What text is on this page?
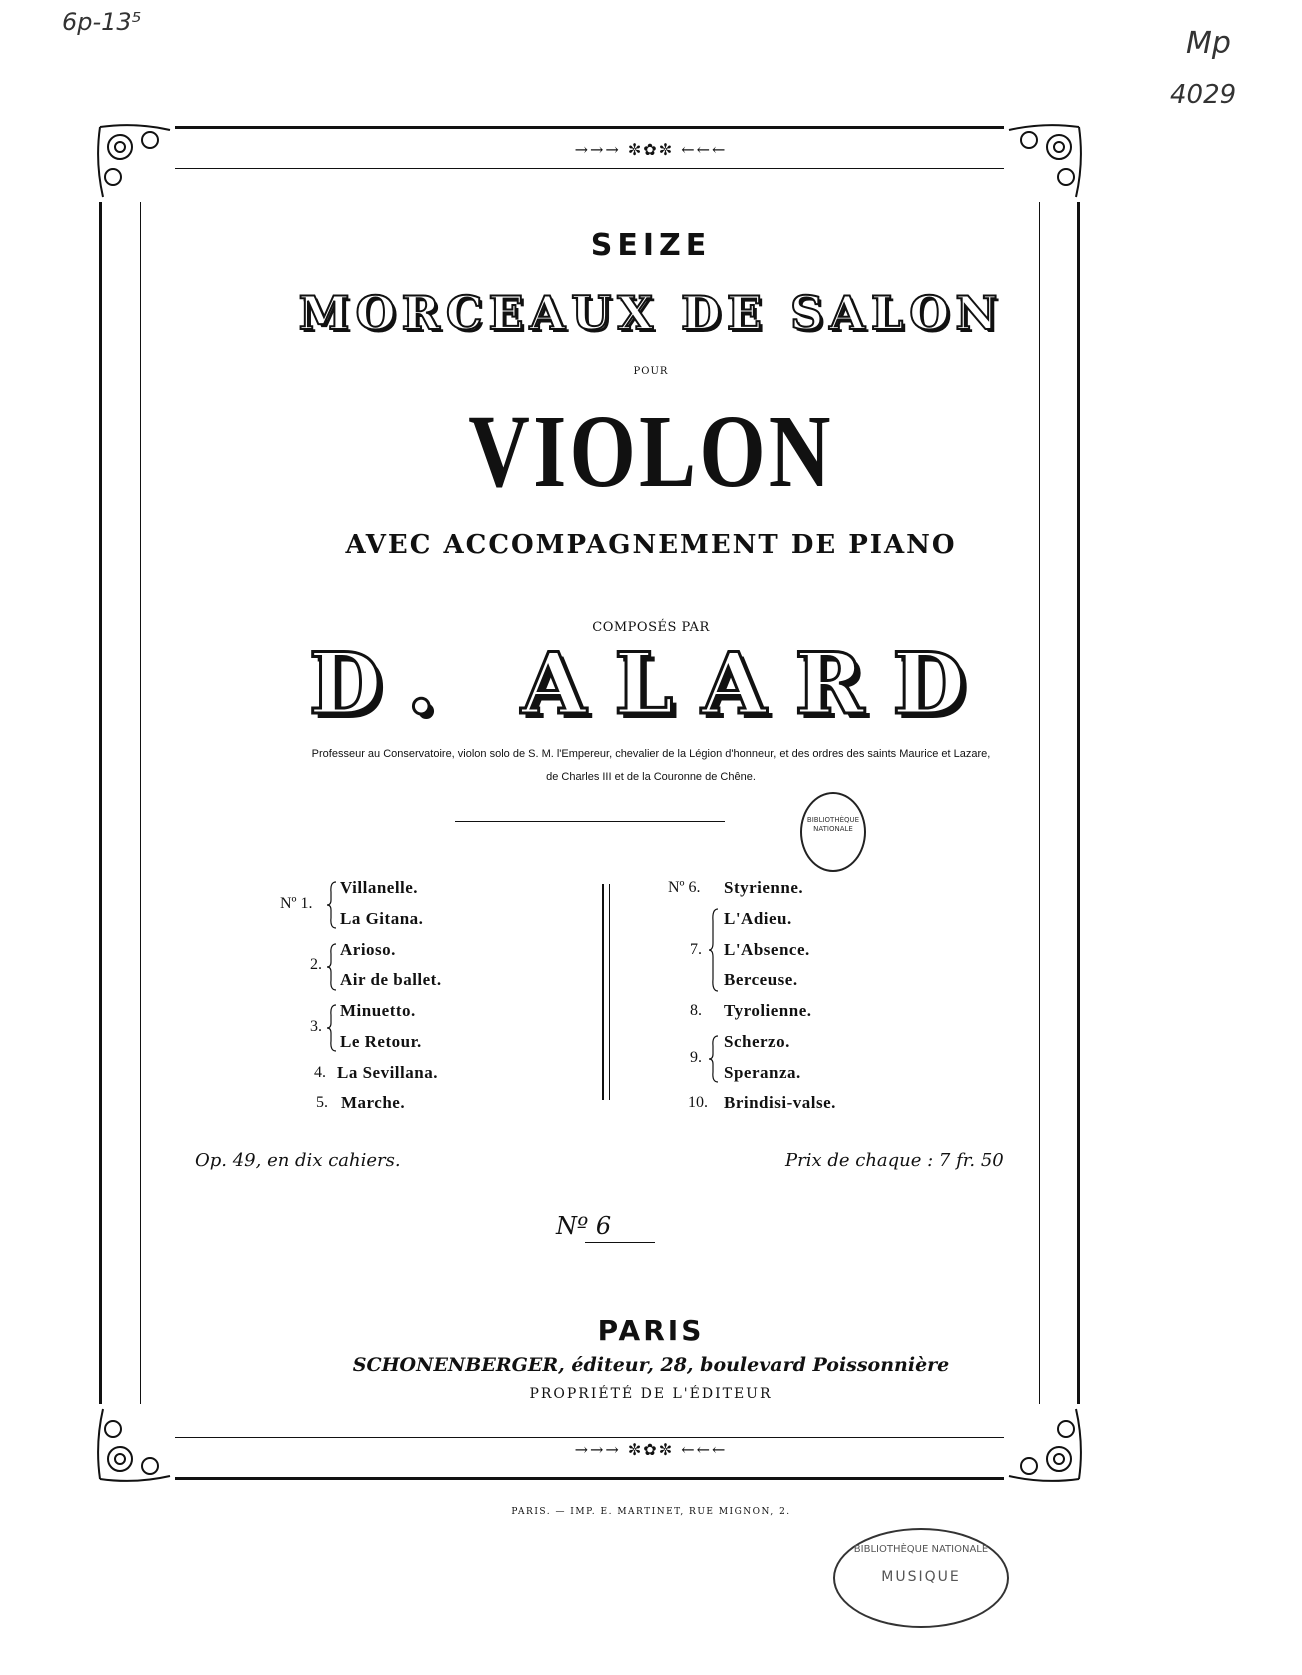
6p-13⁵
Mp
4029
→→→ ✼✿✼ ←←←
→→→ ✼✿✼ ←←←
SEIZE
MORCEAUX DE SALON
POUR
VIOLON
AVEC ACCOMPAGNEMENT DE PIANO
COMPOSÉS PAR
D. ALARD
Professeur au Conservatoire, violon solo de S. M. l'Empereur, chevalier de la Légion d'honneur, et des ordres des saints Maurice et Lazare,
de Charles III et de la Couronne de Chêne.
BIBLIOTHÈQUE NATIONALE
Nº 1.
Villanelle.
La Gitana.
2.
Arioso.
Air de ballet.
3.
Minuetto.
Le Retour.
4. La Sevillana.
5. Marche.
Nº 6. Styrienne.
7.
L'Adieu.
L'Absence.
Berceuse.
8. Tyrolienne.
9.
Scherzo.
Speranza.
10. Brindisi-valse.
Op. 49, en dix cahiers.	Prix de chaque : 7 fr. 50
Nº 6
PARIS
SCHONENBERGER, éditeur, 28, boulevard Poissonnière
PROPRIÉTÉ DE L'ÉDITEUR
PARIS. — IMP. E. MARTINET, RUE MIGNON, 2.
BIBLIOTHÈQUE NATIONALE
MUSIQUE
